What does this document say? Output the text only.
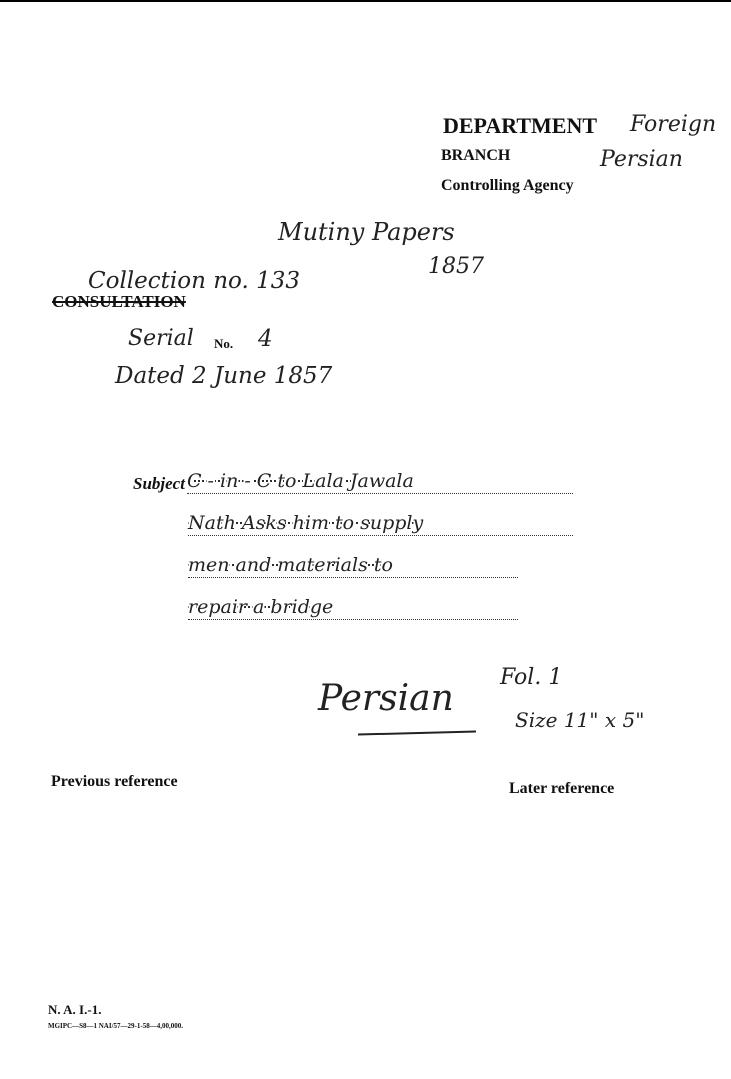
DEPARTMENT Foreign
BRANCH	Persian
Controlling Agency
Mutiny Papers
1857
Collection no. 133
CONSULTATION
Serial No. 4
Dated 2 June 1857
Subject C - in - C to Lala Jawala
Nath Asks him to supply
men and materials to
repair a bridge
Persian
Fol. 1
Size 11" x 5"
Previous reference	Later reference
N. A. I.-1.
MGIPC—S8—1 NAI/57—29-1-58—4,00,000.
